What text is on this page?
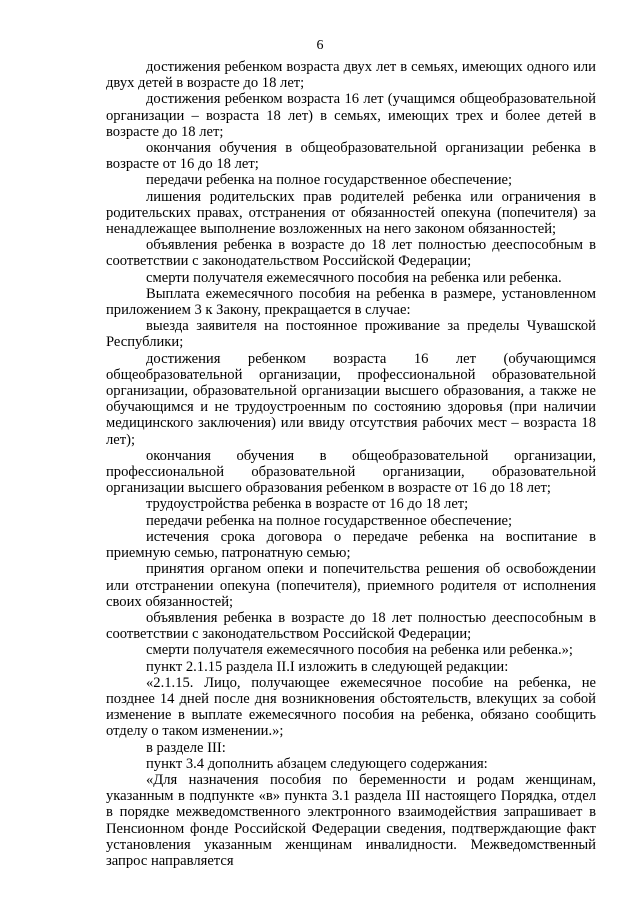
6

достижения ребенком возраста двух лет в семьях, имеющих одного или двух детей в возрасте до 18 лет;

достижения ребенком возраста 16 лет (учащимся общеобразовательной организации – возраста 18 лет) в семьях, имеющих трех и более детей в возрасте до 18 лет;

окончания обучения в общеобразовательной организации ребенка в возрасте от 16 до 18 лет;

передачи ребенка на полное государственное обеспечение;

лишения родительских прав родителей ребенка или ограничения в родительских правах, отстранения от обязанностей опекуна (попечителя) за ненадлежащее выполнение возложенных на него законом обязанностей;

объявления ребенка в возрасте до 18 лет полностью дееспособным в соответствии с законодательством Российской Федерации;

смерти получателя ежемесячного пособия на ребенка или ребенка.

Выплата ежемесячного пособия на ребенка в размере, установленном приложением 3 к Закону, прекращается в случае:

выезда заявителя на постоянное проживание за пределы Чувашской Республики;

достижения ребенком возраста 16 лет (обучающимся общеобразовательной организации, профессиональной образовательной организации, образовательной организации высшего образования, а также не обучающимся и не трудоустроенным по состоянию здоровья (при наличии медицинского заключения) или ввиду отсутствия рабочих мест – возраста 18 лет);

окончания обучения в общеобразовательной организации, профессиональной образовательной организации, образовательной организации высшего образования ребенком в возрасте от 16 до 18 лет;

трудоустройства ребенка в возрасте от 16 до 18 лет;

передачи ребенка на полное государственное обеспечение;

истечения срока договора о передаче ребенка на воспитание в приемную семью, патронатную семью;

принятия органом опеки и попечительства решения об освобождении или отстранении опекуна (попечителя), приемного родителя от исполнения своих обязанностей;

объявления ребенка в возрасте до 18 лет полностью дееспособным в соответствии с законодательством Российской Федерации;

смерти получателя ежемесячного пособия на ребенка или ребенка.»;

пункт 2.1.15 раздела II.I изложить в следующей редакции:

«2.1.15. Лицо, получающее ежемесячное пособие на ребенка, не позднее 14 дней после дня возникновения обстоятельств, влекущих за собой изменение в выплате ежемесячного пособия на ребенка, обязано сообщить отделу о таком изменении.»;

в разделе III:

пункт 3.4 дополнить абзацем следующего содержания:

«Для назначения пособия по беременности и родам женщинам, указанным в подпункте «в» пункта 3.1 раздела III настоящего Порядка, отдел в порядке межведомственного электронного взаимодействия запрашивает в Пенсионном фонде Российской Федерации сведения, подтверждающие факт установления указанным женщинам инвалидности. Межведомственный запрос направляется
